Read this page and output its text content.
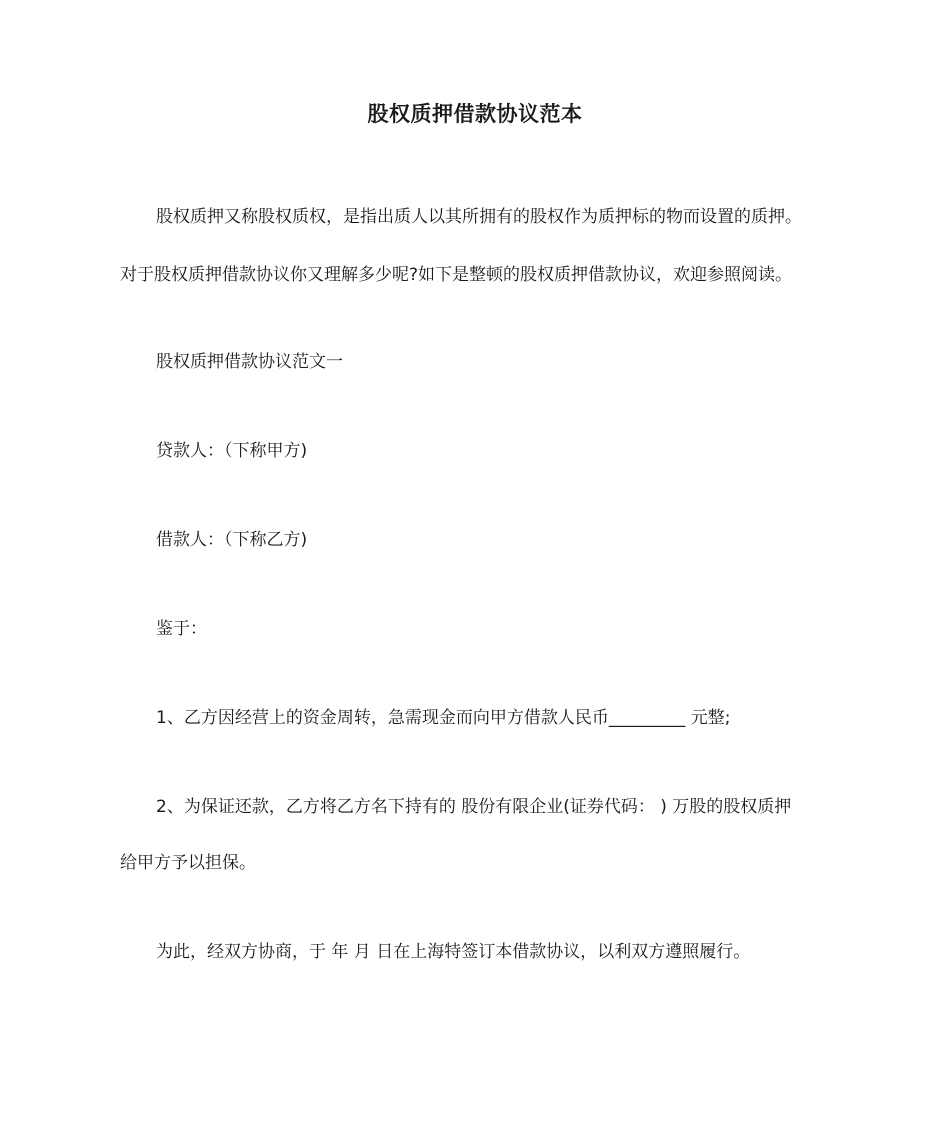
股权质押借款协议范本
股权质押又称股权质权，是指出质人以其所拥有的股权作为质押标的物而设置的质押。
对于股权质押借款协议你又理解多少呢?如下是整顿的股权质押借款协议，欢迎参照阅读。
股权质押借款协议范文一
贷款人：（下称甲方)
借款人：（下称乙方)
鉴于：
1、乙方因经营上的资金周转，急需现金而向甲方借款人民币_________ 元整;
2、为保证还款，乙方将乙方名下持有的 股份有限企业(证券代码： ) 万股的股权质押
给甲方予以担保。
为此，经双方协商，于 年 月 日在上海特签订本借款协议，以利双方遵照履行。
